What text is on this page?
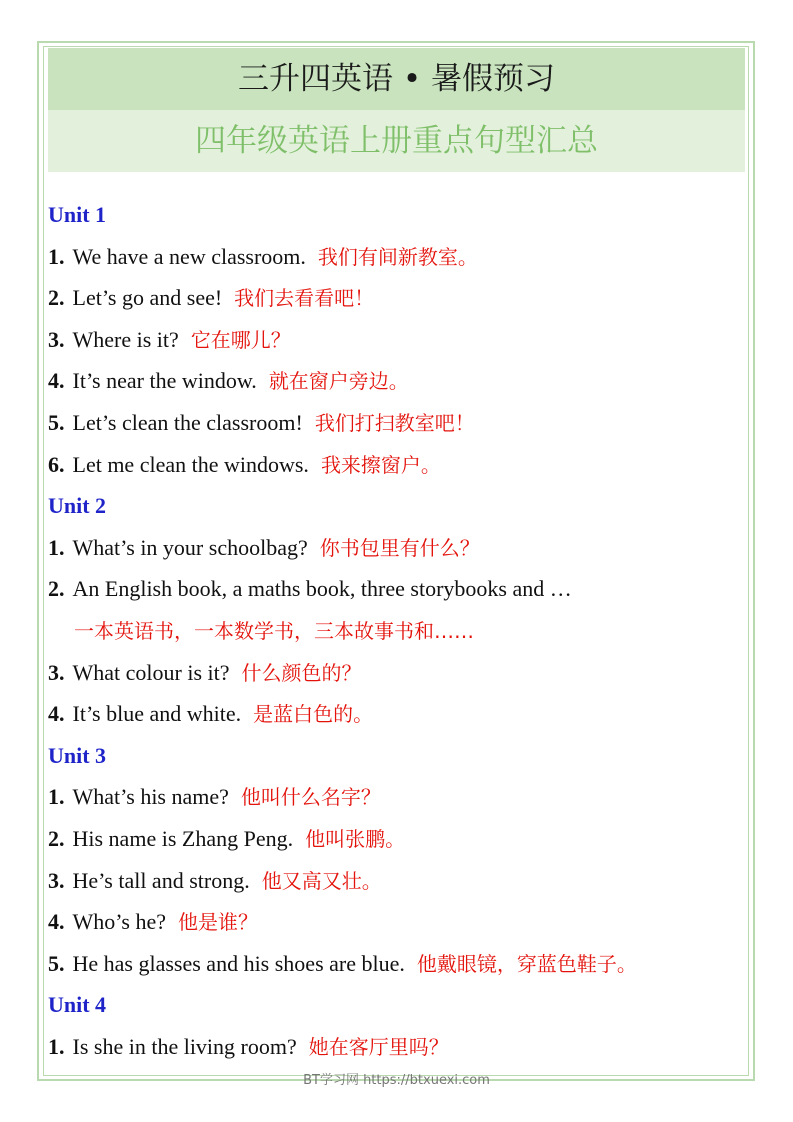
三升四英语 • 暑假预习
四年级英语上册重点句型汇总
Unit 1
1. We have a new classroom. 我们有间新教室。
2. Let’s go and see! 我们去看看吧！
3. Where is it? 它在哪儿？
4. It’s near the window. 就在窗户旁边。
5. Let’s clean the classroom! 我们打扫教室吧！
6. Let me clean the windows. 我来擦窗户。
Unit 2
1. What’s in your schoolbag? 你书包里有什么？
2. An English book, a maths book, three storybooks and …
一本英语书，一本数学书，三本故事书和……
3. What colour is it? 什么颜色的？
4. It’s blue and white. 是蓝白色的。
Unit 3
1. What’s his name? 他叫什么名字？
2. His name is Zhang Peng. 他叫张鹏。
3. He’s tall and strong. 他又高又壮。
4. Who’s he? 他是谁？
5. He has glasses and his shoes are blue. 他戴眼镜，穿蓝色鞋子。
Unit 4
1. Is she in the living room? 她在客厅里吗？
BT学习网 https://btxuexi.com
